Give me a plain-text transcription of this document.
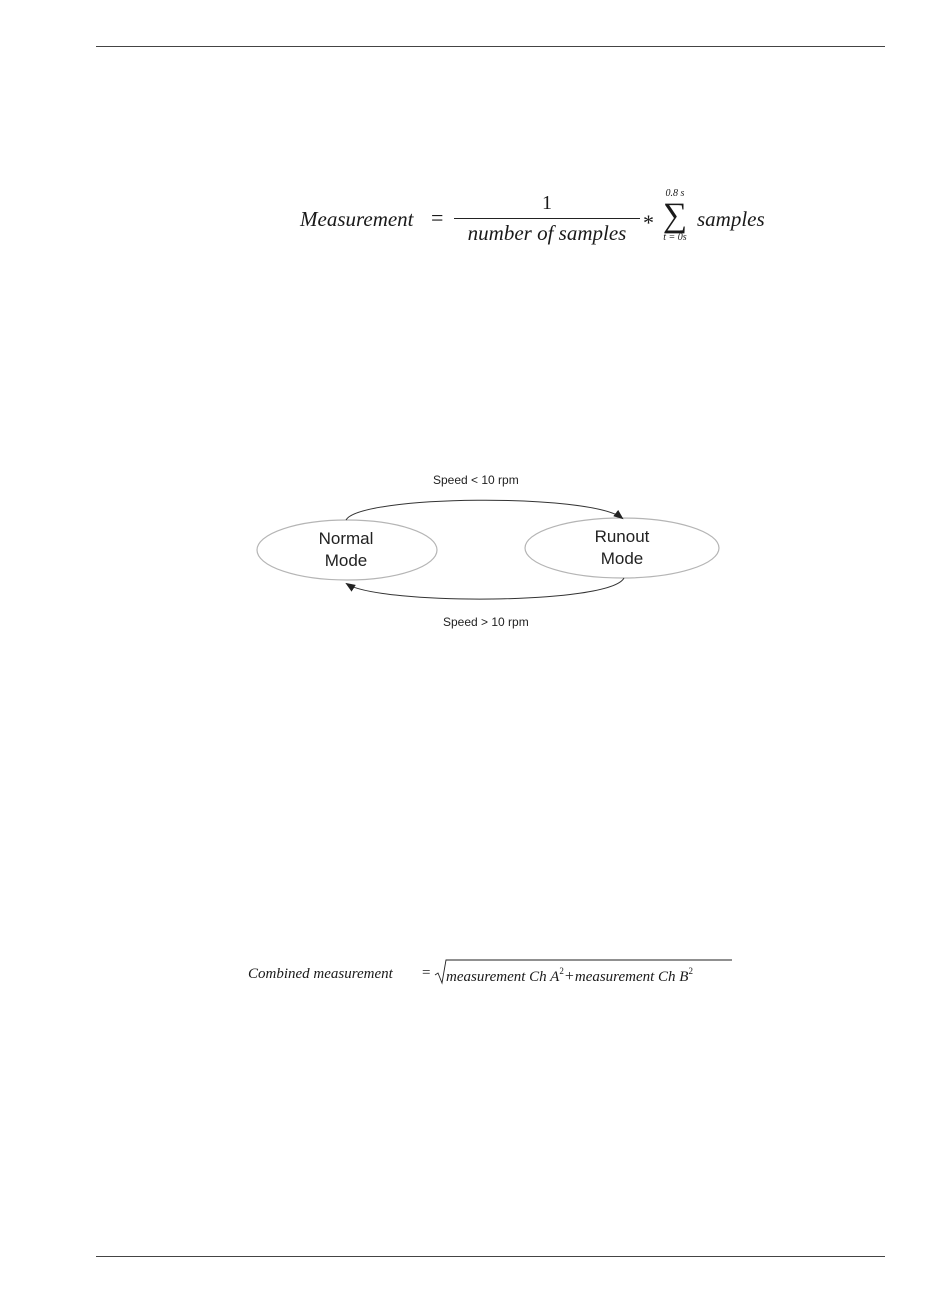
Measurement =
1
number of samples *
0.8 s
∑
t = 0s
samples
Speed < 10 rpm
Speed > 10 rpm
Normal
Mode
Runout
Mode
Combined measurement = measurement Ch $A^2+measurement$ Ch $B^2$
